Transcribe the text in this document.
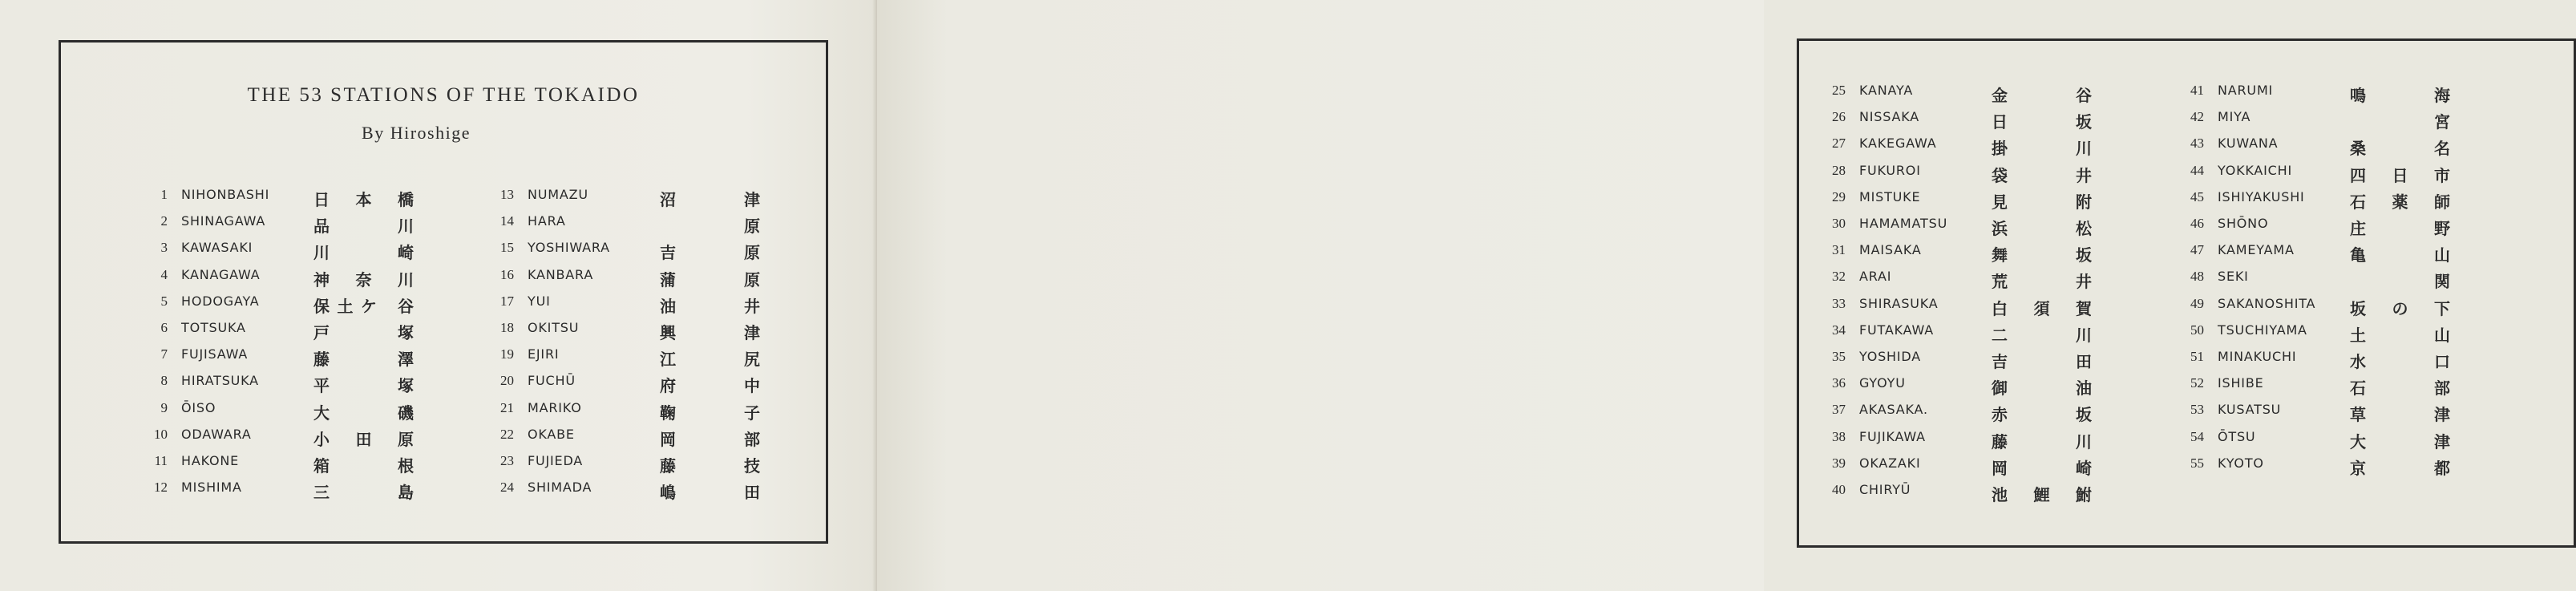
THE 53 STATIONS OF THE TOKAIDO
By Hiroshige
1 NIHONBASHI	日 本 橋
2 SHINAGAWA	品 川
3 KAWASAKI	川 崎
4 KANAGAWA	神 奈 川
5 HODOGAYA	保土ケ 谷
6 TOTSUKA	戸 塚
7 FUJISAWA	藤 澤
8 HIRATSUKA	平 塚
9 ŌISO	大 磯
10 ODAWARA	小 田 原
11 HAKONE	箱 根
12 MISHIMA	三 島
13 NUMAZU	沼 津
14 HARA	原
15 YOSHIWARA	吉 原
16 KANBARA	蒲 原
17 YUI	油 井
18 OKITSU	興 津
19 EJIRI	江 尻
20 FUCHŪ	府 中
21 MARIKO	鞠 子
22 OKABE	岡 部
23 FUJIEDA	藤 技
24 SHIMADA	嶋 田
25 KANAYA	金 谷
26 NISSAKA	日 坂
27 KAKEGAWA	掛 川
28 FUKUROI	袋 井
29 MISTUKE	見 附
30 HAMAMATSU	浜 松
31 MAISAKA	舞 坂
32 ARAI	荒 井
33 SHIRASUKA	白 須 賀
34 FUTAKAWA	二 川
35 YOSHIDA	吉 田
36 GYOYU	御 油
37 AKASAKA.	赤 坂
38 FUJIKAWA	藤 川
39 OKAZAKI	岡 崎
40 CHIRYŪ	池 鯉 鮒
41 NARUMI	鳴 海
42 MIYA	宮
43 KUWANA	桑 名
44 YOKKAICHI	四 日 市
45 ISHIYAKUSHI	石 薬 師
46 SHŌNO	庄 野
47 KAMEYAMA	亀 山
48 SEKI	関
49 SAKANOSHITA 坂 の 下
50 TSUCHIYAMA	土 山
51 MINAKUCHI	水 口
52 ISHIBE	石 部
53 KUSATSU	草 津
54 ŌTSU	大 津
55 KYOTO	京 都
